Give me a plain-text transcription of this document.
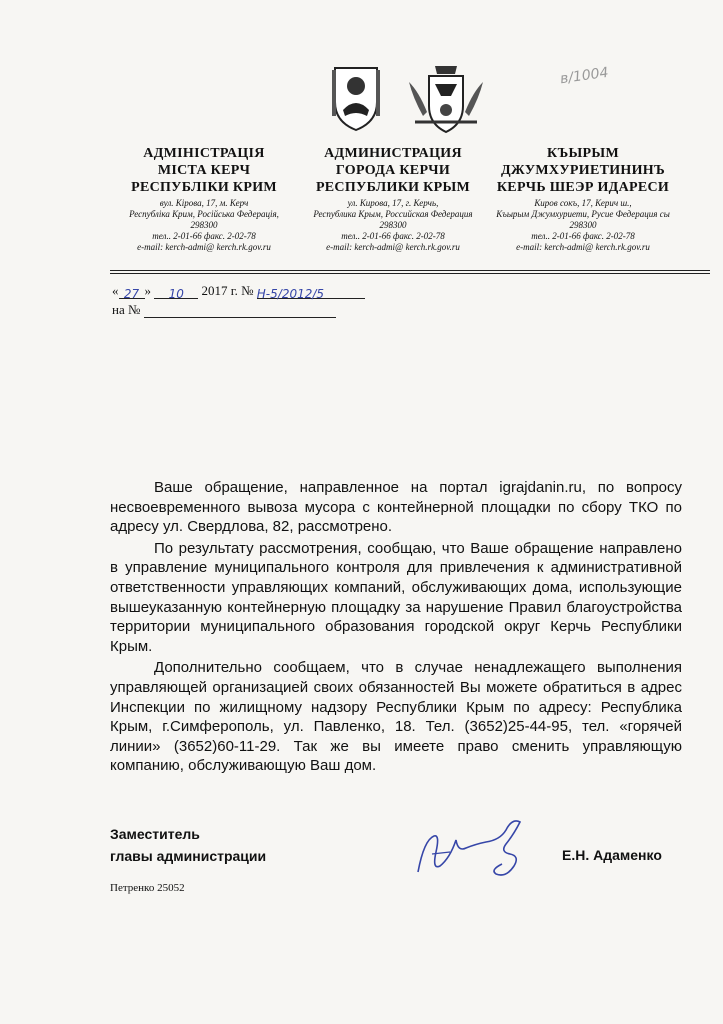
в/1004
АДМІНІСТРАЦІЯ
МІСТА КЕРЧ
РЕСПУБЛІКИ КРИМ
вул. Кірова, 17, м. Керч
Республіка Крим, Російська Федерація,
298300
тел.. 2-01-66 факс. 2-02-78
e-mail: kerch-admi@ kerch.rk.gov.ru
АДМИНИСТРАЦИЯ
ГОРОДА КЕРЧИ
РЕСПУБЛИКИ КРЫМ
ул. Кирова, 17, г. Керчь,
Республика Крым, Российская Федерация
298300
тел.. 2-01-66 факс. 2-02-78
e-mail: kerch-admi@ kerch.rk.gov.ru
КЪЫРЫМ
ДЖУМХУРИЕТИНИНЪ
КЕРЧЬ ШЕЭР ИДАРЕСИ
Киров сокъ, 17, Керич ш.,
Къырым Джумхуриети, Русие Федерация сы
298300
тел.. 2-01-66 факс. 2-02-78
e-mail: kerch-admi@ kerch.rk.gov.ru
« 27 » 10 2017 г. № Н-5/2012/5
на №

Ваше обращение, направленное на портал igrajdanin.ru, по вопросу несвоевременного вывоза мусора с контейнерной площадки по сбору ТКО по адресу ул. Свердлова, 82, рассмотрено.

По результату рассмотрения, сообщаю, что Ваше обращение направлено в управление муниципального контроля для привлечения к административной ответственности управляющих компаний, обслуживающих дома, использующие вышеуказанную контейнерную площадку за нарушение Правил благоустройства территории муниципального образования городской округ Керчь Республики Крым.

Дополнительно сообщаем, что в случае ненадлежащего выполнения управляющей организацией своих обязанностей Вы можете обратиться в адрес Инспекции по жилищному надзору Республики Крым по адресу: Республика Крым, г.Симферополь, ул. Павленко, 18. Тел. (3652)25-44-95, тел. «горячей линии» (3652)60-11-29. Так же вы имеете право сменить управляющую компанию, обслуживающую Ваш дом.

Заместитель
главы администрации	Е.Н. Адаменко
Петренко 25052
